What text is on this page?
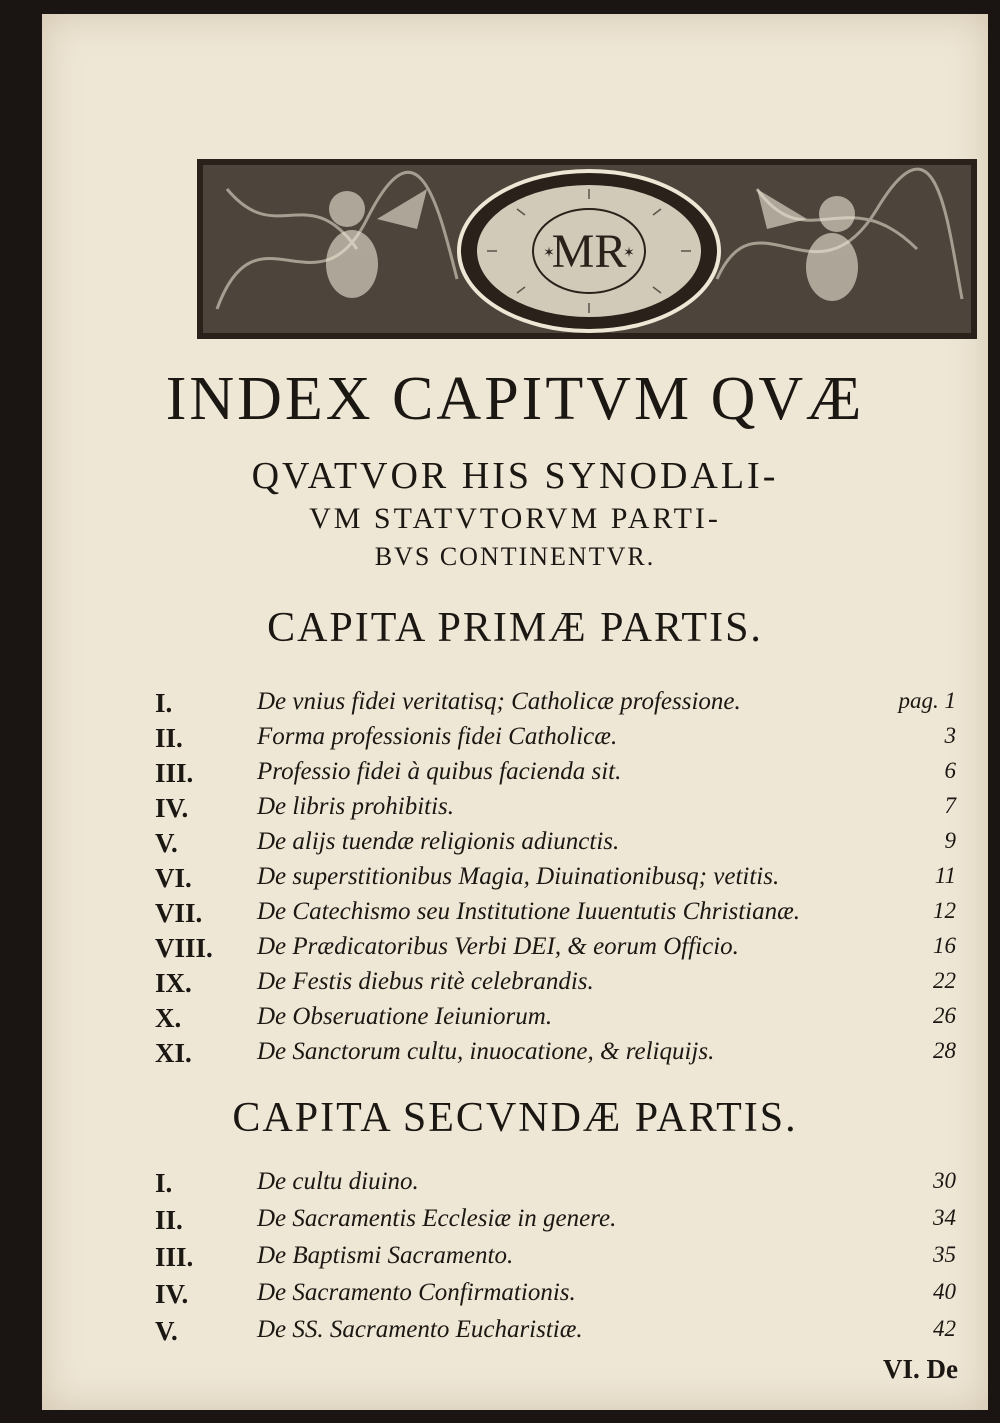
MR
✶	✶
INDEX CAPITVM QVÆ
QVATVOR HIS SYNODALI-
VM STATVTORVM PARTI-
BVS CONTINENTVR.
CAPITA PRIMÆ PARTIS.
I.	De vnius fidei veritatisq; Catholicæ professione.	pag. 1
II.	Forma professionis fidei Catholicæ.	3
III.	Professio fidei à quibus facienda sit.	6
IV.	De libris prohibitis.	7
V.	De alijs tuendæ religionis adiunctis.	9
VI.	De superstitionibus Magia, Diuinationibusq; vetitis.	11
VII. De Catechismo seu Institutione Iuuentutis Christianæ.	12
VIII. De Prædicatoribus Verbi DEI, & eorum Officio.	16
IX.	De Festis diebus ritè celebrandis.	22
X.	De Obseruatione Ieiuniorum.	26
XI.	De Sanctorum cultu, inuocatione, & reliquijs.	28
CAPITA SECVNDÆ PARTIS.
I.	De cultu diuino.	30
II.	De Sacramentis Ecclesiæ in genere.	34
III.	De Baptismi Sacramento.	35
IV.	De Sacramento Confirmationis.	40
V.	De SS. Sacramento Eucharistiæ.	42
VI. De
